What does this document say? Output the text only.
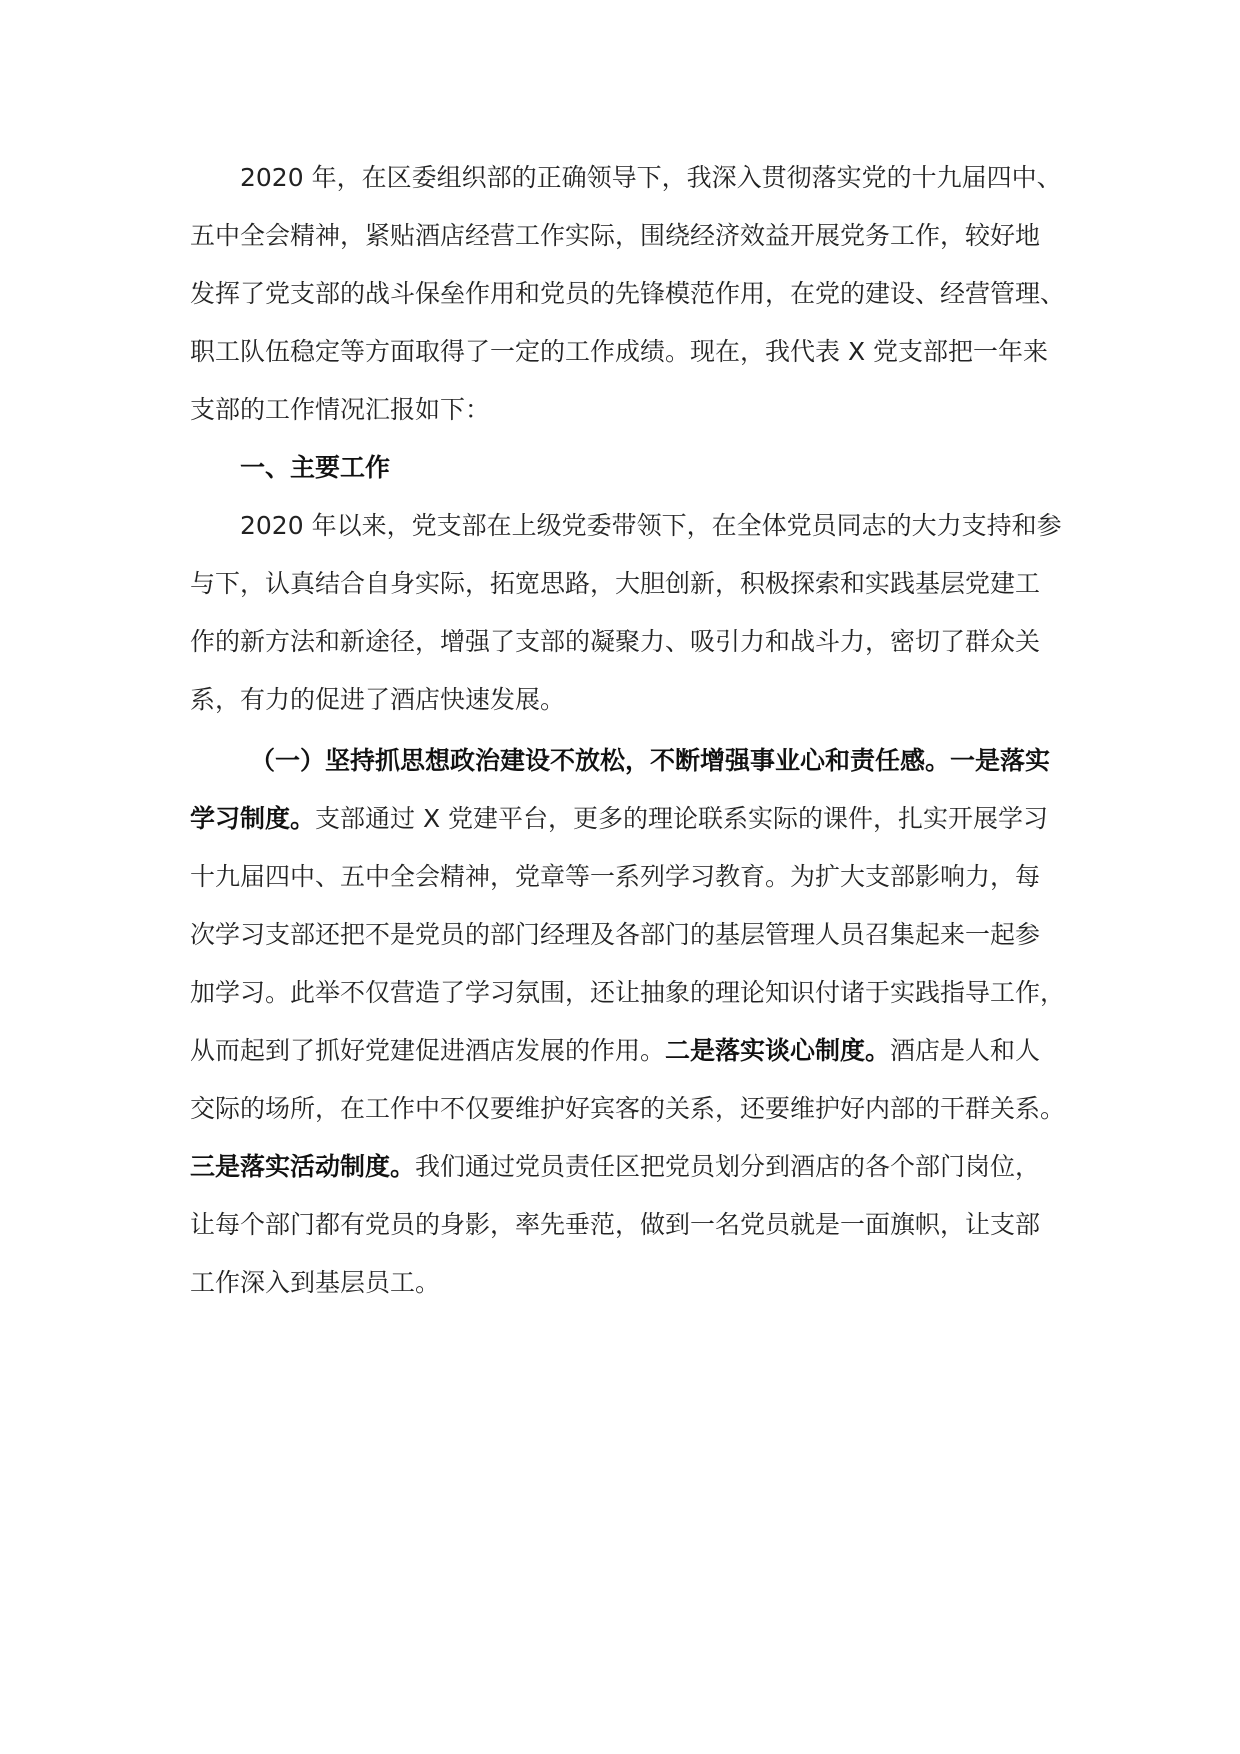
2020 年，在区委组织部的正确领导下，我深入贯彻落实党的十九届四中、
五中全会精神，紧贴酒店经营工作实际，围绕经济效益开展党务工作，较好地
发挥了党支部的战斗保垒作用和党员的先锋模范作用，在党的建设、经营管理、
职工队伍稳定等方面取得了一定的工作成绩。现在，我代表 X 党支部把一年来
支部的工作情况汇报如下：
一、主要工作
2020 年以来，党支部在上级党委带领下，在全体党员同志的大力支持和参
与下，认真结合自身实际，拓宽思路，大胆创新，积极探索和实践基层党建工
作的新方法和新途径，增强了支部的凝聚力、吸引力和战斗力，密切了群众关
系，有力的促进了酒店快速发展。
（一）坚持抓思想政治建设不放松，不断增强事业心和责任感。一是落实
学习制度。支部通过 X 党建平台，更多的理论联系实际的课件，扎实开展学习
十九届四中、五中全会精神，党章等一系列学习教育。为扩大支部影响力，每
次学习支部还把不是党员的部门经理及各部门的基层管理人员召集起来一起参
加学习。此举不仅营造了学习氛围，还让抽象的理论知识付诸于实践指导工作，
从而起到了抓好党建促进酒店发展的作用。二是落实谈心制度。酒店是人和人
交际的场所，在工作中不仅要维护好宾客的关系，还要维护好内部的干群关系。
三是落实活动制度。我们通过党员责任区把党员划分到酒店的各个部门岗位，
让每个部门都有党员的身影，率先垂范，做到一名党员就是一面旗帜，让支部
工作深入到基层员工。
